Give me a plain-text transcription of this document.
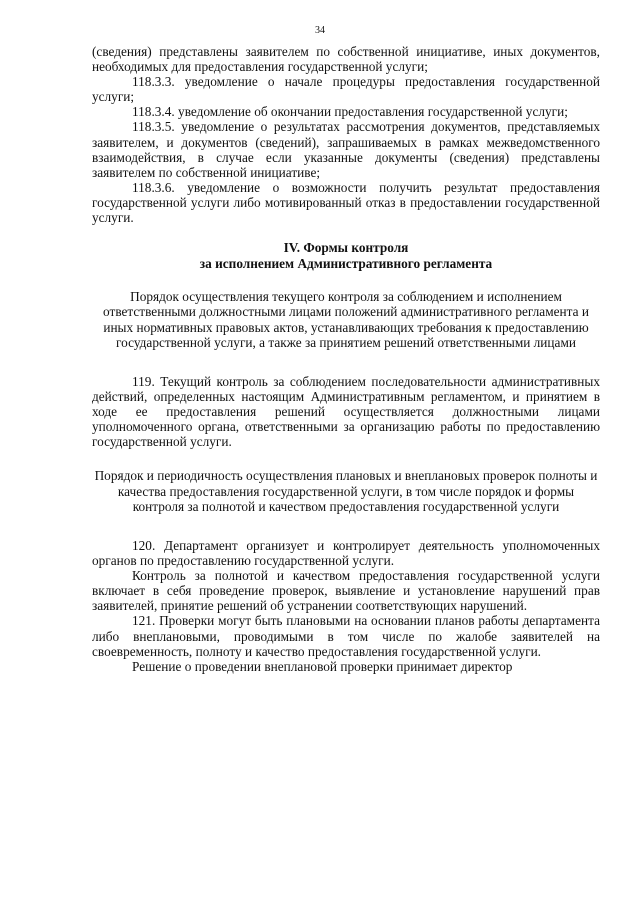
34

(сведения) представлены заявителем по собственной инициативе, иных документов, необходимых для предоставления государственной услуги;

118.3.3. уведомление о начале процедуры предоставления государственной услуги;

118.3.4. уведомление об окончании предоставления государственной услуги;

118.3.5. уведомление о результатах рассмотрения документов, представляемых заявителем, и документов (сведений), запрашиваемых в рамках межведомственного взаимодействия, в случае если указанные документы (сведения) представлены заявителем по собственной инициативе;

118.3.6. уведомление о возможности получить результат предоставления государственной услуги либо мотивированный отказ в предоставлении государственной услуги.

IV. Формы контроля
за исполнением Административного регламента

Порядок осуществления текущего контроля за соблюдением и исполнением ответственными должностными лицами положений административного регламента и иных нормативных правовых актов, устанавливающих требования к предоставлению государственной услуги, а также за принятием решений ответственными лицами

119. Текущий контроль за соблюдением последовательности административных действий, определенных настоящим Административным регламентом, и принятием в ходе ее предоставления решений осуществляется должностными лицами уполномоченного органа, ответственными за организацию работы по предоставлению государственной услуги.

Порядок и периодичность осуществления плановых и внеплановых проверок полноты и качества предоставления государственной услуги, в том числе порядок и формы контроля за полнотой и качеством предоставления государственной услуги

120. Департамент организует и контролирует деятельность уполномоченных органов по предоставлению государственной услуги.

Контроль за полнотой и качеством предоставления государственной услуги включает в себя проведение проверок, выявление и установление нарушений прав заявителей, принятие решений об устранении соответствующих нарушений.

121. Проверки могут быть плановыми на основании планов работы департамента либо внеплановыми, проводимыми в том числе по жалобе заявителей на своевременность, полноту и качество предоставления государственной услуги.

Решение о проведении внеплановой проверки принимает директор
